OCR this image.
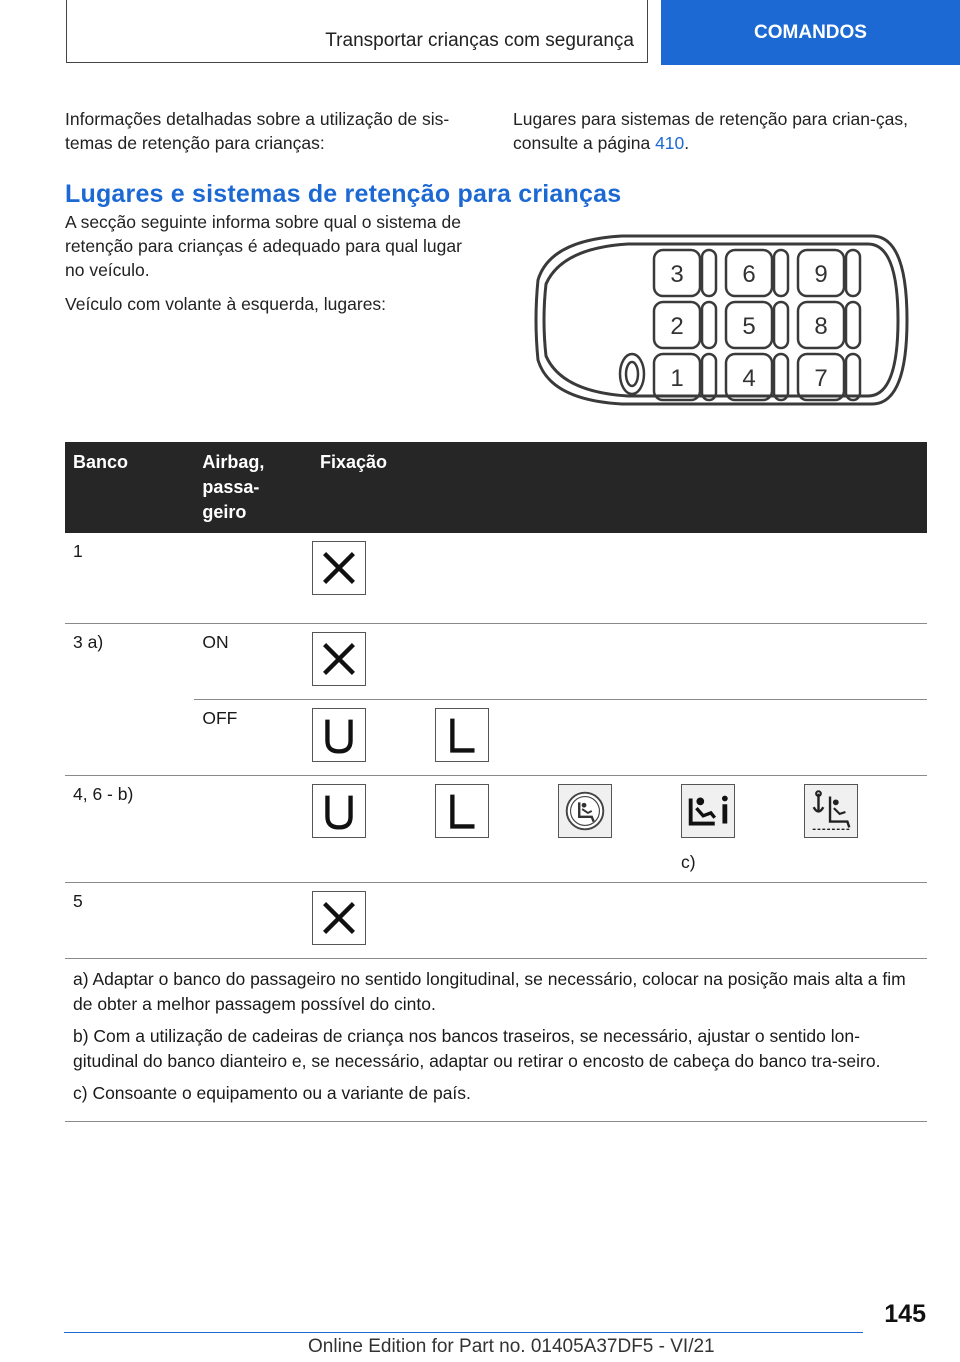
Transportar crianças com segurança	COMANDOS
Informações detalhadas sobre a utilização de sis-temas de retenção para crianças:
Lugares para sistemas de retenção para crian-ças, consulte a página 410.
Lugares e sistemas de retenção para crianças
A secção seguinte informa sobre qual o sistema de retenção para crianças é adequado para qual lugar no veículo.
Veículo com volante à esquerda, lugares:
3 6 9
2 5 8
1 4 7
Banco	Airbag, passa-geiro	Fixação

1

3 a)	ON

	OFF

4, 6 - b)		c)

5

a) Adaptar o banco do passageiro no sentido longitudinal, se necessário, colocar na posição mais alta a fim de obter a melhor passagem possível do cinto.

b) Com a utilização de cadeiras de criança nos bancos traseiros, se necessário, ajustar o sentido lon-gitudinal do banco dianteiro e, se necessário, adaptar ou retirar o encosto de cabeça do banco tra-seiro.

c) Consoante o equipamento ou a variante de país.		

145
Online Edition for Part no. 01405A37DF5 - VI/21
